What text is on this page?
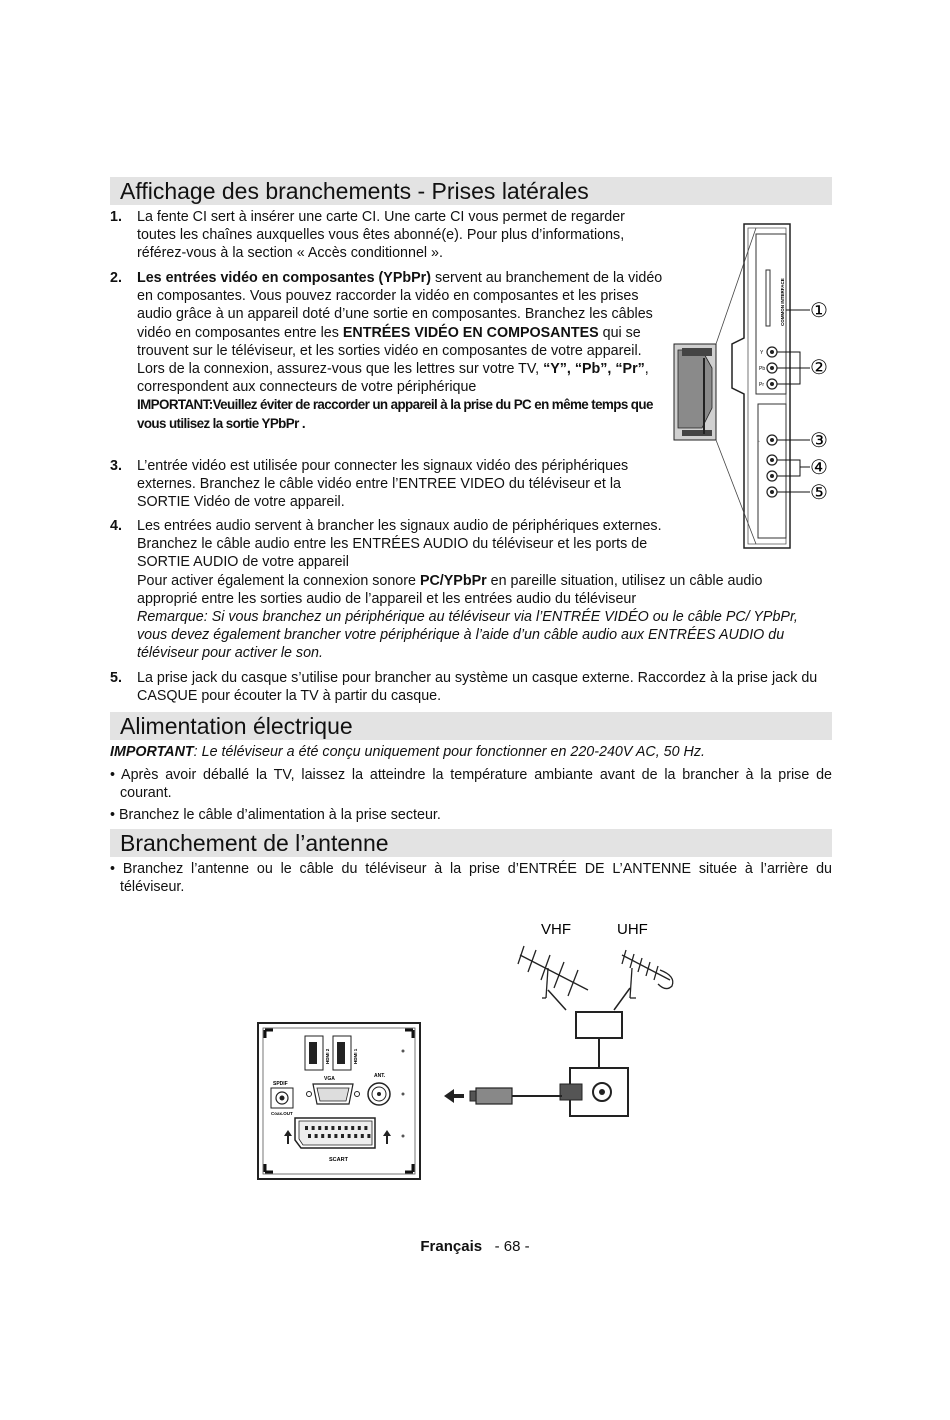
Affichage des branchements - Prises latérales
1.	La fente CI sert à insérer une carte CI. Une carte CI vous permet de regarder toutes les chaînes auxquelles vous êtes abonné(e). Pour plus d’informations, référez-vous à la section « Accès conditionnel ».
2.	Les entrées vidéo en composantes (YPbPr) servent au branchement de la vidéo en composantes. Vous pouvez raccorder la vidéo en composantes et les prises audio grâce à un appareil doté d’une sortie en composantes. Branchez les câbles vidéo en composantes entre les ENTRÉES VIDÉO EN COMPOSANTES qui se trouvent sur le téléviseur, et les sorties vidéo en composantes de votre appareil. Lors de la connexion, assurez-vous que les lettres sur votre TV, “Y”, “Pb”, “Pr”, correspondent aux connecteurs de votre périphérique
IMPORTANT:Veuillez éviter de raccorder un appareil à la prise du PC en même temps que vous utilisez la sortie YPbPr .
3.	L’entrée vidéo est utilisée pour connecter les signaux vidéo des périphériques externes. Branchez le câble vidéo entre l’ENTREE VIDEO du téléviseur et la SORTIE Vidéo de votre appareil.
4.	Les entrées audio servent à brancher les signaux audio de périphériques externes. Branchez le câble audio entre les ENTRÉES AUDIO du téléviseur et les ports de SORTIE AUDIO de votre appareil
Pour activer également la connexion sonore PC/YPbPr en pareille situation, utilisez un câble audio approprié entre les sorties audio de l’appareil et les entrées audio du téléviseur
Remarque: Si vous branchez un périphérique au téléviseur via l’ENTRÉE VIDÉO ou le câble PC/ YPbPr, vous devez également brancher votre périphérique à l’aide d’un câble audio aux ENTRÉES AUDIO du téléviseur pour activer le son.
5.	La prise jack du casque s’utilise pour brancher au système un casque externe. Raccordez à la prise jack du CASQUE pour écouter la TV à partir du casque.
COMMON INTERFACE
Y
Pb
Pr
◦
①
②
③
④
⑤
Alimentation électrique
IMPORTANT: Le téléviseur a été conçu uniquement pour fonctionner en 220-240V AC, 50 Hz.
• Après avoir déballé la TV, laissez la atteindre la température ambiante avant de la brancher à la prise de courant.
• Branchez le câble d’alimentation à la prise secteur.
Branchement de l’antenne
• Branchez l’antenne ou le câble du téléviseur à la prise d’ENTRÉE DE L’ANTENNE située à l’arrière du téléviseur.
HDMI 2	HDMI 1
VGA
SPDIF
Coax.OUT
ANT.
SCART
VHF	UHF
Français - 68 -
